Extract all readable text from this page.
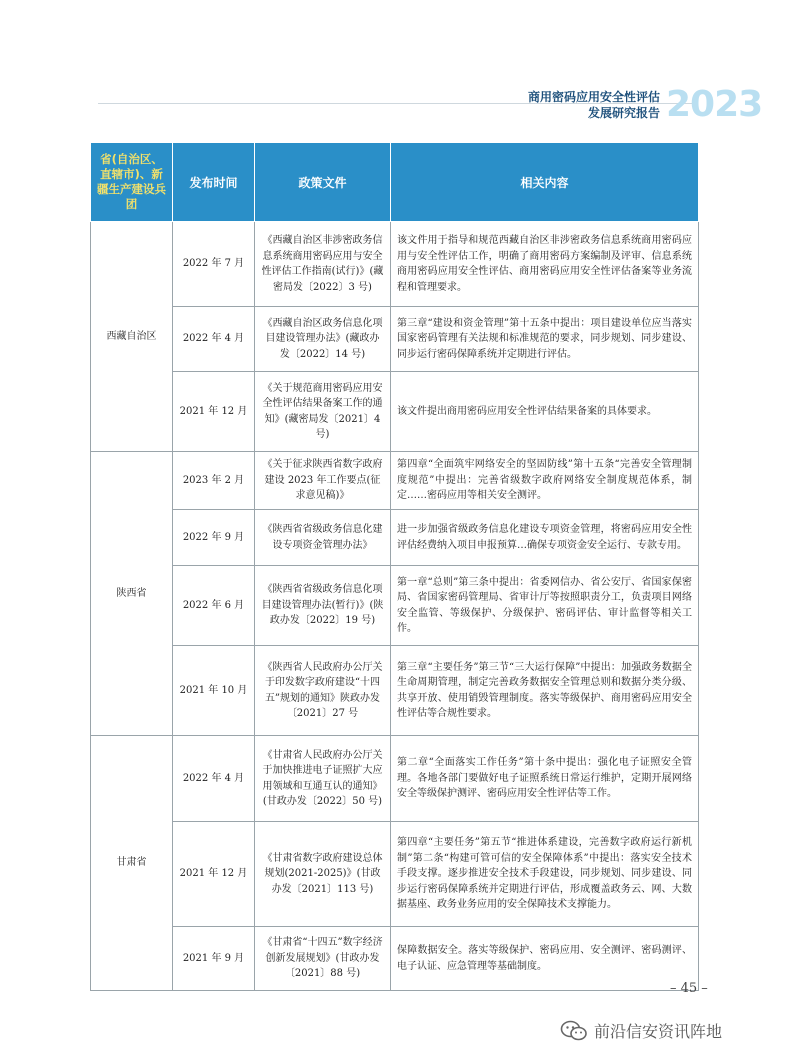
商用密码应用安全性评估
发展研究报告 2023
省(自治区、直辖市)、新疆生产建设兵团	发布时间	政策文件	相关内容
西藏自治区	2022 年 7 月	《西藏自治区非涉密政务信息系统商用密码应用与安全性评估工作指南(试行)》(藏密局发〔2022〕3 号)	该文件用于指导和规范西藏自治区非涉密政务信息系统商用密码应用与安全性评估工作，明确了商用密码方案编制及评审、信息系统商用密码应用安全性评估、商用密码应用安全性评估备案等业务流程和管理要求。
	2022 年 4 月	《西藏自治区政务信息化项目建设管理办法》(藏政办发〔2022〕14 号)	第三章“建设和资金管理”第十五条中提出：项目建设单位应当落实国家密码管理有关法规和标准规范的要求，同步规划、同步建设、同步运行密码保障系统并定期进行评估。
	2021 年 12 月	《关于规范商用密码应用安全性评估结果备案工作的通知》(藏密局发〔2021〕4 号)	该文件提出商用密码应用安全性评估结果备案的具体要求。
陕西省	2023 年 2 月	《关于征求陕西省数字政府建设 2023 年工作要点(征求意见稿)》	第四章“全面筑牢网络安全的坚固防线”第十五条“完善安全管理制度规范”中提出：完善省级数字政府网络安全制度规范体系，制定……密码应用等相关安全测评。
	2022 年 9 月	《陕西省省级政务信息化建设专项资金管理办法》	进一步加强省级政务信息化建设专项资金管理，将密码应用安全性评估经费纳入项目申报预算…确保专项资金安全运行、专款专用。
	2022 年 6 月	《陕西省省级政务信息化项目建设管理办法(暂行)》(陕政办发〔2022〕19 号)	第一章“总则”第三条中提出：省委网信办、省公安厅、省国家保密局、省国家密码管理局、省审计厅等按照职责分工，负责项目网络安全监管、等级保护、分级保护、密码评估、审计监督等相关工作。
	2021 年 10 月	《陕西省人民政府办公厅关于印发数字政府建设“十四五”规划的通知》陕政办发〔2021〕27 号	第三章“主要任务”第三节“三大运行保障”中提出：加强政务数据全生命周期管理，制定完善政务数据安全管理总则和数据分类分级、共享开放、使用销毁管理制度。落实等级保护、商用密码应用安全性评估等合规性要求。
甘肃省	2022 年 4 月	《甘肃省人民政府办公厅关于加快推进电子证照扩大应用领域和互通互认的通知》(甘政办发〔2022〕50 号)	第二章“全面落实工作任务”第十条中提出：强化电子证照安全管理。各地各部门要做好电子证照系统日常运行维护，定期开展网络安全等级保护测评、密码应用安全性评估等工作。
	2021 年 12 月	《甘肃省数字政府建设总体规划(2021-2025)》(甘政办发〔2021〕113 号)	第四章“主要任务”第五节“推进体系建设，完善数字政府运行新机制”第二条“构建可管可信的安全保障体系”中提出：落实安全技术手段支撑。逐步推进安全技术手段建设，同步规划、同步建设、同步运行密码保障系统并定期进行评估，形成覆盖政务云、网、大数据基座、政务业务应用的安全保障技术支撑能力。
	2021 年 9 月	《甘肃省“十四五”数字经济创新发展规划》(甘政办发〔2021〕88 号)	保障数据安全。落实等级保护、密码应用、安全测评、密码测评、电子认证、应急管理等基础制度。
– 45 –
前沿信安资讯阵地
